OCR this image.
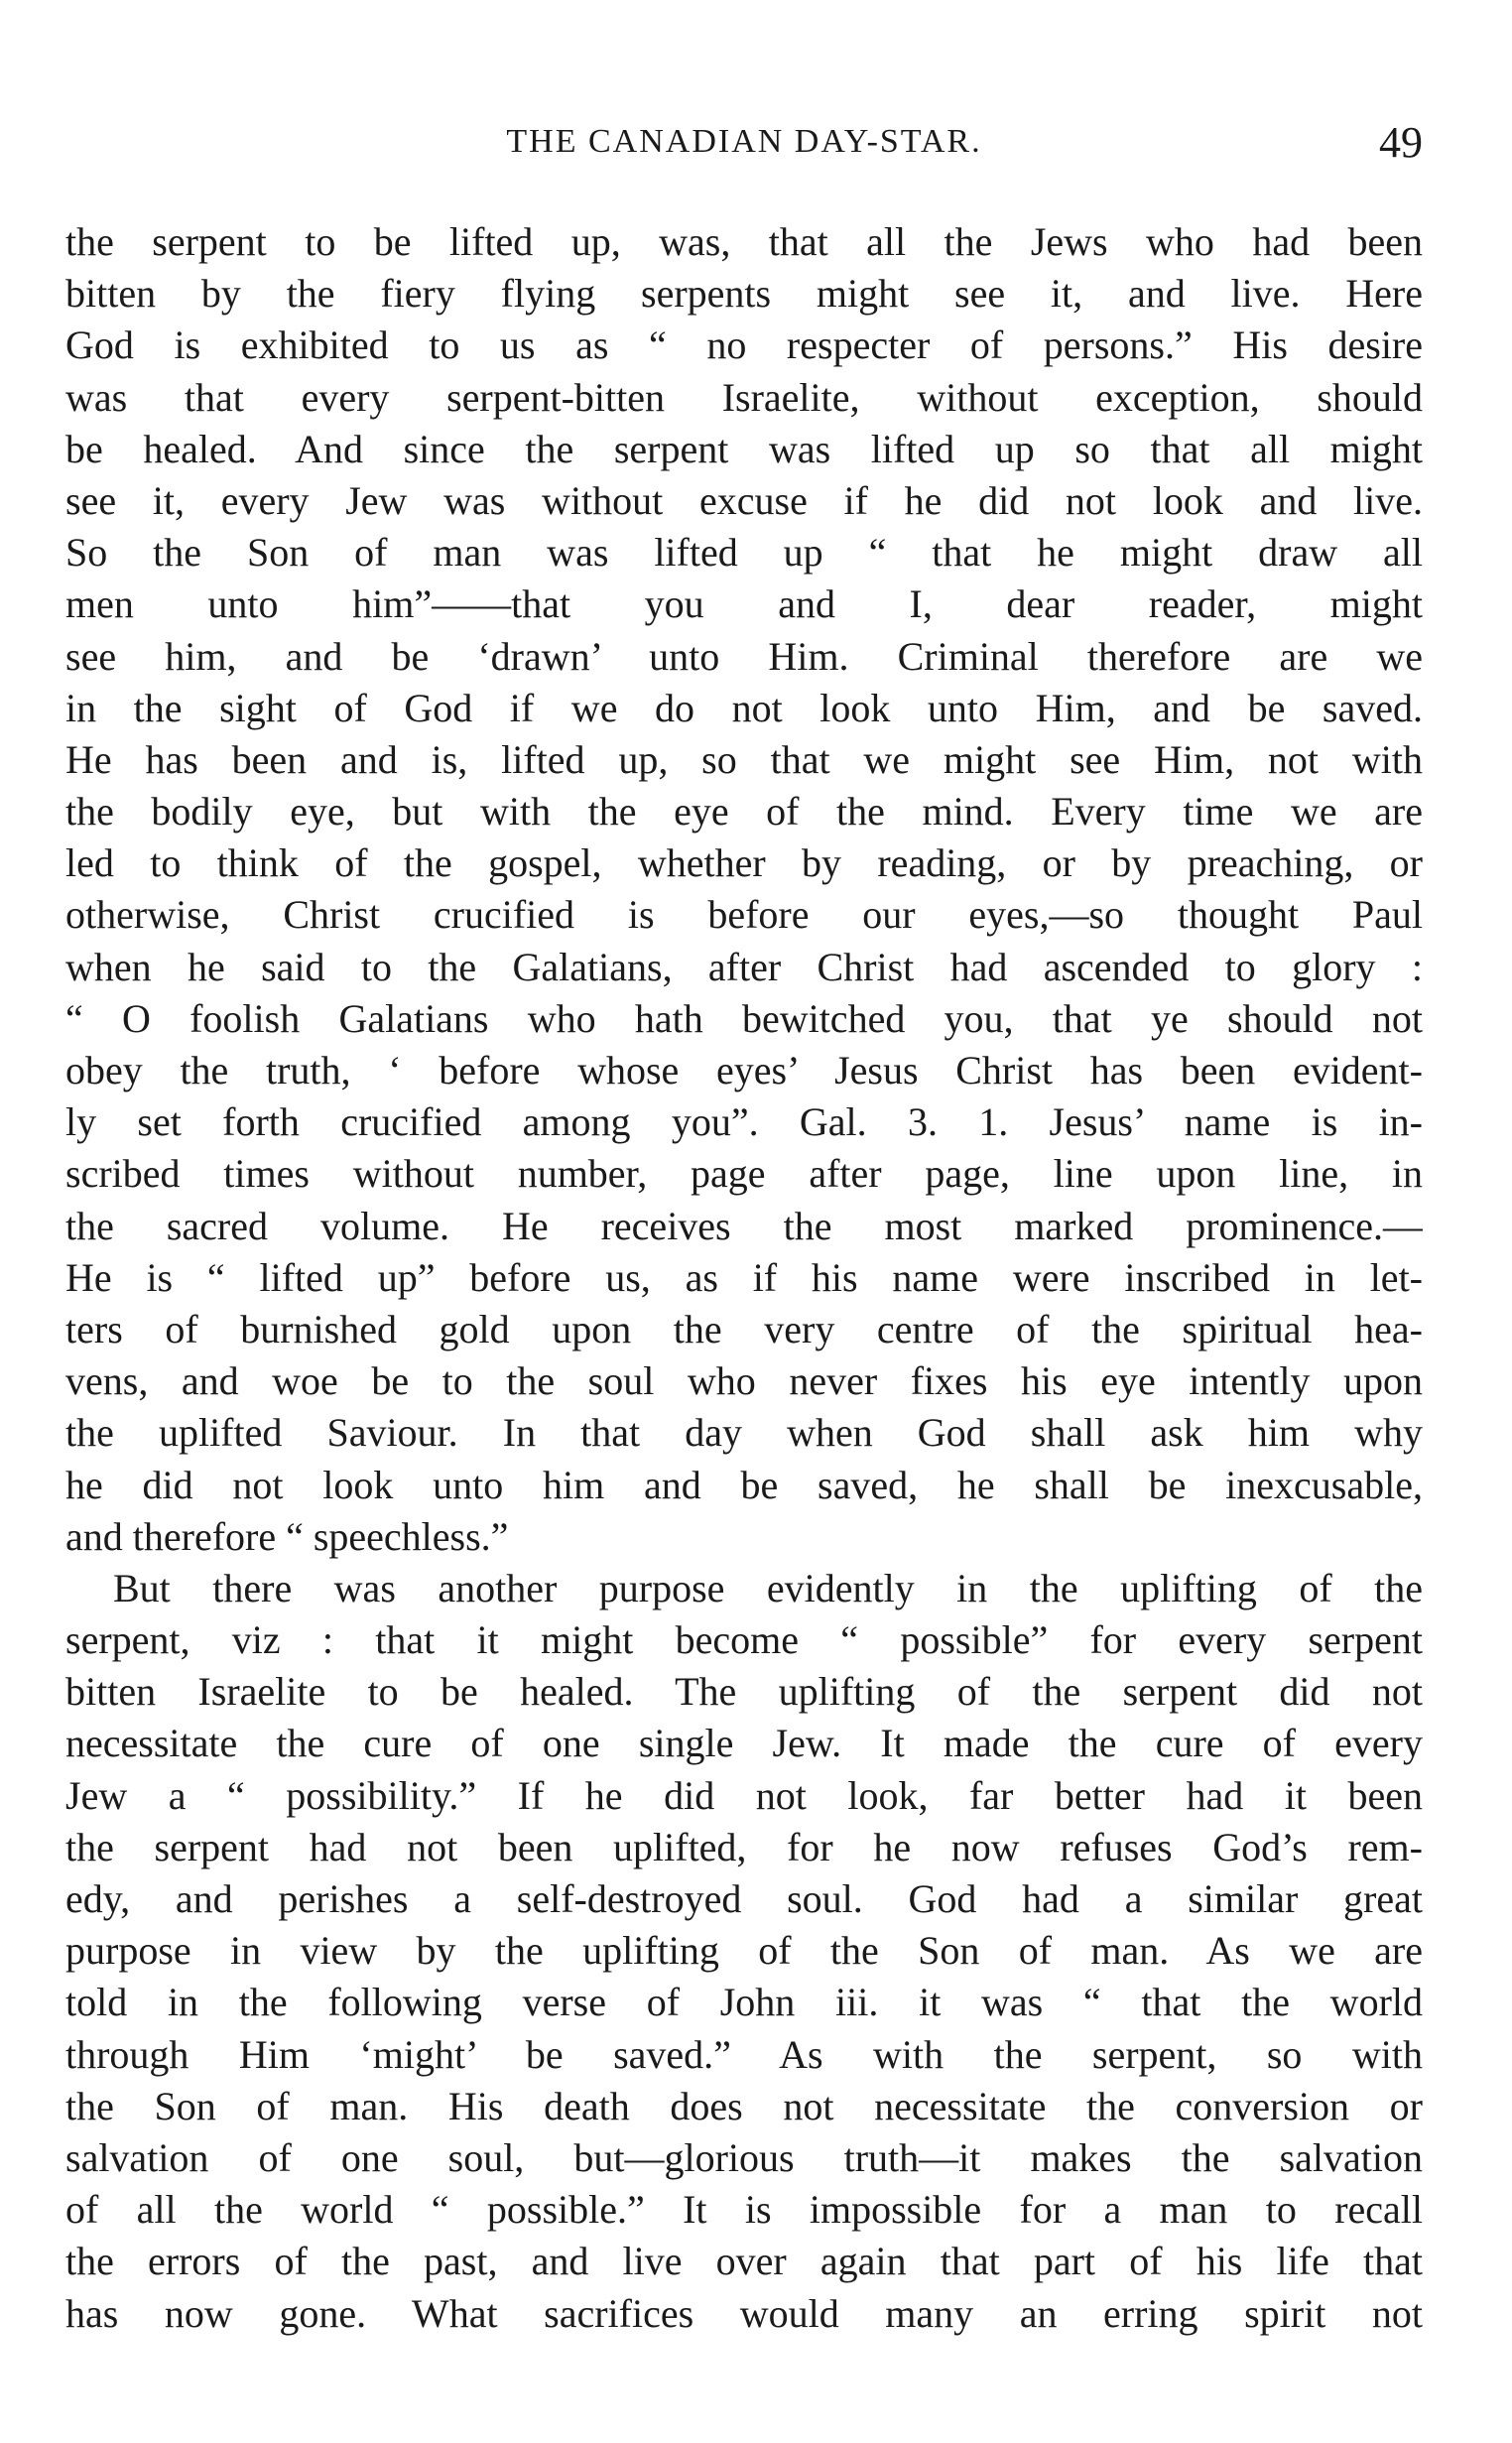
THE CANADIAN DAY-STAR.	49
the serpent to be lifted up, was, that all the Jews who had been
bitten by the fiery flying serpents might see it, and live. Here
God is exhibited to us as “ no respecter of persons.” His desire
was that every serpent-bitten Israelite, without exception, should
be healed. And since the serpent was lifted up so that all might
see it, every Jew was without excuse if he did not look and live.
So the Son of man was lifted up “ that he might draw all
men unto him”——that you and I, dear reader, might
see him, and be ‘drawn’ unto Him. Criminal therefore are we
in the sight of God if we do not look unto Him, and be saved.
He has been and is, lifted up, so that we might see Him, not with
the bodily eye, but with the eye of the mind. Every time we are
led to think of the gospel, whether by reading, or by preaching, or
otherwise, Christ crucified is before our eyes,—so thought Paul
when he said to the Galatians, after Christ had ascended to glory :
“ O foolish Galatians who hath bewitched you, that ye should not
obey the truth, ‘ before whose eyes’ Jesus Christ has been evident-
ly set forth crucified among you”. Gal. 3. 1. Jesus’ name is in-
scribed times without number, page after page, line upon line, in
the sacred volume. He receives the most marked prominence.—
He is “ lifted up” before us, as if his name were inscribed in let-
ters of burnished gold upon the very centre of the spiritual hea-
vens, and woe be to the soul who never fixes his eye intently upon
the uplifted Saviour. In that day when God shall ask him why
he did not look unto him and be saved, he shall be inexcusable,
and therefore “ speechless.”
But there was another purpose evidently in the uplifting of the
serpent, viz : that it might become “ possible” for every serpent
bitten Israelite to be healed. The uplifting of the serpent did not
necessitate the cure of one single Jew. It made the cure of every
Jew a “ possibility.” If he did not look, far better had it been
the serpent had not been uplifted, for he now refuses God’s rem-
edy, and perishes a self-destroyed soul. God had a similar great
purpose in view by the uplifting of the Son of man. As we are
told in the following verse of John iii. it was “ that the world
through Him ‘might’ be saved.” As with the serpent, so with
the Son of man. His death does not necessitate the conversion or
salvation of one soul, but—glorious truth—it makes the salvation
of all the world “ possible.” It is impossible for a man to recall
the errors of the past, and live over again that part of his life that
has now gone. What sacrifices would many an erring spirit not
